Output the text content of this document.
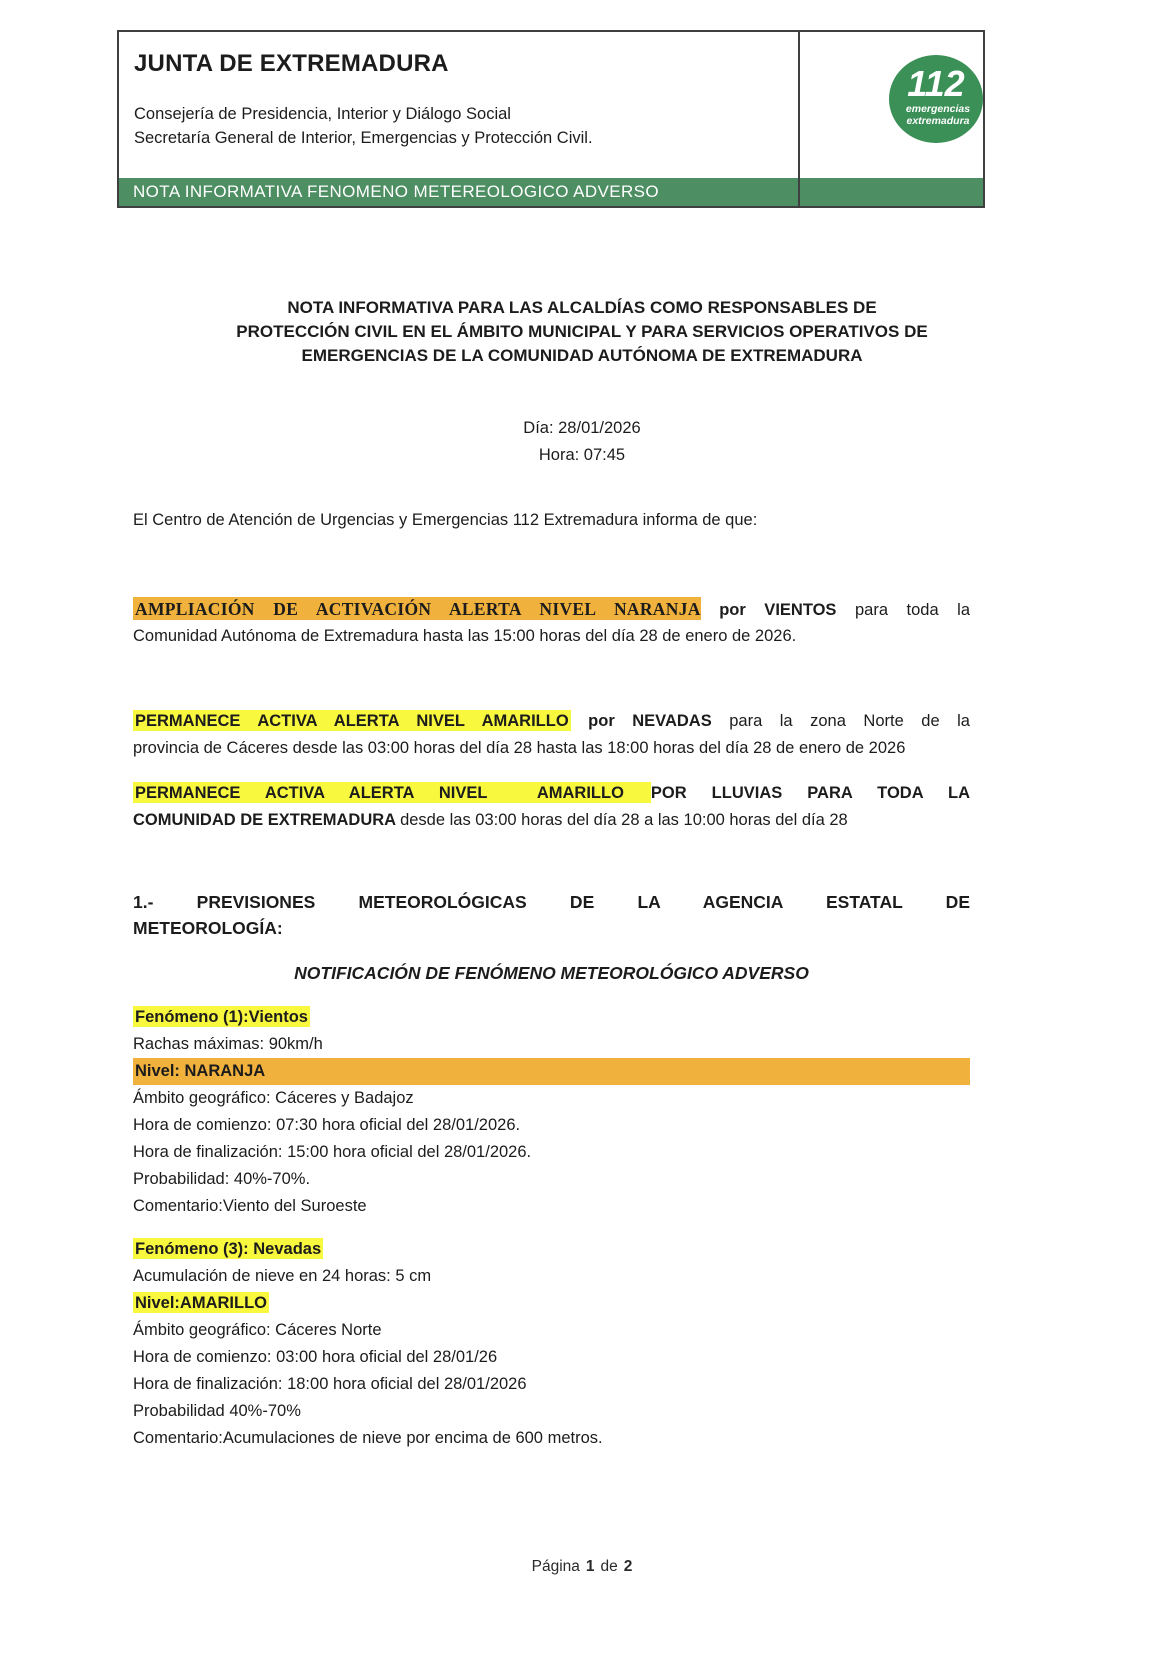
JUNTA DE EXTREMADURA
Consejería de Presidencia, Interior y Diálogo Social
Secretaría General de Interior, Emergencias y Protección Civil.
112
emergencias
extremadura
NOTA INFORMATIVA FENOMENO METEREOLOGICO ADVERSO
NOTA INFORMATIVA PARA LAS ALCALDÍAS COMO RESPONSABLES DE
PROTECCIÓN CIVIL EN EL ÁMBITO MUNICIPAL Y PARA SERVICIOS OPERATIVOS DE
EMERGENCIAS DE LA COMUNIDAD AUTÓNOMA DE EXTREMADURA
Día: 28/01/2026
Hora: 07:45
El Centro de Atención de Urgencias y Emergencias 112 Extremadura informa de que:
AMPLIACIÓN DE ACTIVACIÓN ALERTA NIVEL NARANJA por VIENTOS para toda la
Comunidad Autónoma de Extremadura hasta las 15:00 horas del día 28 de enero de 2026.
PERMANECE ACTIVA ALERTA NIVEL AMARILLO por NEVADAS para la zona Norte de la
provincia de Cáceres desde las 03:00 horas del día 28 hasta las 18:00 horas del día 28 de enero de 2026
PERMANECE ACTIVA ALERTA NIVEL  AMARILLO POR LLUVIAS PARA TODA LA
COMUNIDAD DE EXTREMADURA desde las 03:00 horas del día 28 a las 10:00 horas del día 28
1.- PREVISIONES METEOROLÓGICAS DE LA AGENCIA ESTATAL DE
METEOROLOGÍA:
NOTIFICACIÓN DE FENÓMENO METEOROLÓGICO ADVERSO
Fenómeno (1):Vientos
Rachas máximas: 90km/h
Nivel: NARANJA
Ámbito geográfico: Cáceres y Badajoz
Hora de comienzo: 07:30 hora oficial del 28/01/2026.
Hora de finalización: 15:00 hora oficial del 28/01/2026.
Probabilidad: 40%-70%.
Comentario:Viento del Suroeste
Fenómeno (3): Nevadas
Acumulación de nieve en 24 horas: 5 cm
Nivel:AMARILLO
Ámbito geográfico: Cáceres Norte
Hora de comienzo: 03:00 hora oficial del 28/01/26
Hora de finalización: 18:00 hora oficial del 28/01/2026
Probabilidad 40%-70%
Comentario:Acumulaciones de nieve por encima de 600 metros.
Página 1 de 2
